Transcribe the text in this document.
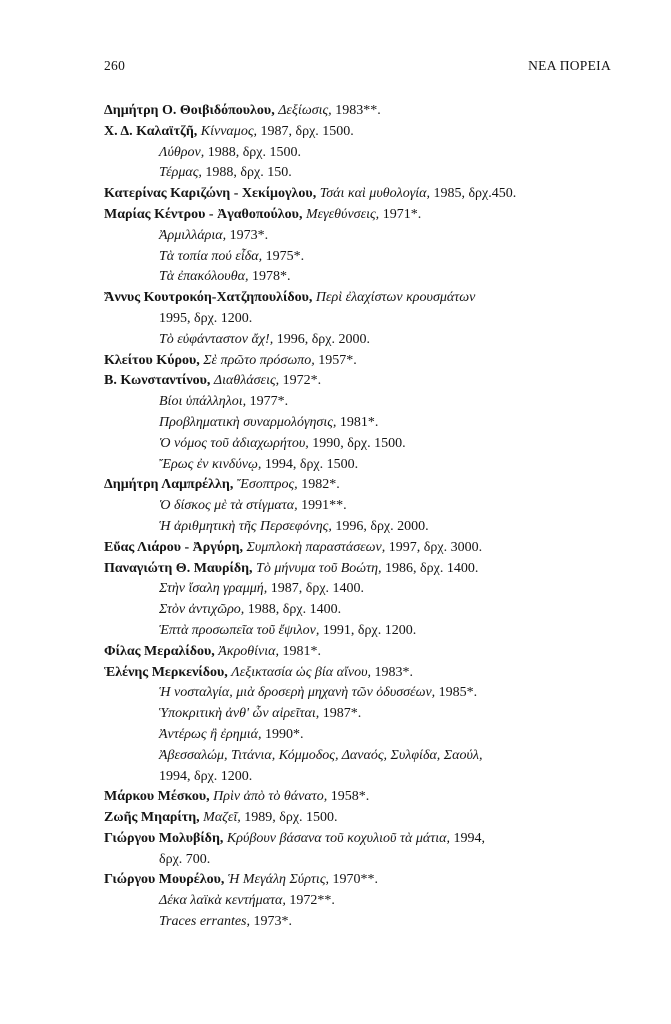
260	ΝΕΑ ΠΟΡΕΙΑ
Δημήτρη Ο. Θοιβιδόπουλου, Δεξίωσις, 1983**.
Χ. Δ. Καλαϊτζῆ, Κίνναμος, 1987, δρχ. 1500.
Λύθρον, 1988, δρχ. 1500.
Τέρμας, 1988, δρχ. 150.
Κατερίνας Καριζώνη - Χεκίμογλου, Τσάι καὶ μυθολογία, 1985, δρχ.450.
Μαρίας Κέντρου - Ἀγαθοπούλου, Μεγεθύνσεις, 1971*.
Ἀρμιλλάρια, 1973*.
Τὰ τοπία πού εἶδα, 1975*.
Τὰ ἐπακόλουθα, 1978*.
Ἄννυς Κουτροκόη-Χατζηπουλίδου, Περὶ ἐλαχίστων κρουσμάτων
1995, δρχ. 1200.
Τὸ εὐφάνταστον ἄχ!, 1996, δρχ. 2000.
Κλείτου Κύρου, Σὲ πρῶτο πρόσωπο, 1957*.
Β. Κωνσταντίνου, Διαθλάσεις, 1972*.
Βίοι ὑπάλληλοι, 1977*.
Προβληματικὴ συναρμολόγησις, 1981*.
Ὁ νόμος τοῦ ἀδιαχωρήτου, 1990, δρχ. 1500.
Ἔρως ἐν κινδύνῳ, 1994, δρχ. 1500.
Δημήτρη Λαμπρέλλη, Ἔσοπτρος, 1982*.
Ὁ δίσκος μὲ τὰ στίγματα, 1991**.
Ἡ ἀριθμητικὴ τῆς Περσεφόνης, 1996, δρχ. 2000.
Εὔας Λιάρου - Ἀργύρη, Συμπλοκὴ παραστάσεων, 1997, δρχ. 3000.
Παναγιώτη Θ. Μαυρίδη, Τὸ μήνυμα τοῦ Βοώτη, 1986, δρχ. 1400.
Στὴν ἴσαλη γραμμή, 1987, δρχ. 1400.
Στὸν ἀντιχῶρο, 1988, δρχ. 1400.
Ἑπτὰ προσωπεῖα τοῦ ἔψιλον, 1991, δρχ. 1200.
Φίλας Μεραλίδου, Ἀκροθίνια, 1981*.
Ἑλένης Μερκενίδου, Λεξικτασία ὡς βία αἴνου, 1983*.
Ἡ νοσταλγία, μιὰ δροσερὴ μηχανὴ τῶν ὀδυσσέων, 1985*.
Ὑποκριτικὴ ἀνθ' ὧν αἱρεῖται, 1987*.
Ἀντέρως ἢ ἐρημιά, 1990*.
Ἀβεσσαλώμ, Τιτάνια, Κόμμοδος, Δαναός, Συλφίδα, Σαούλ,
1994, δρχ. 1200.
Μάρκου Μέσκου, Πρὶν ἀπὸ τὸ θάνατο, 1958*.
Ζωῆς Μηαρίτη, Μαζεῖ, 1989, δρχ. 1500.
Γιώργου Μολυβίδη, Κρύβουν βάσανα τοῦ κοχυλιοῦ τὰ μάτια, 1994,
δρχ. 700.
Γιώργου Μουρέλου, Ἡ Μεγάλη Σύρτις, 1970**.
Δέκα λαϊκὰ κεντήματα, 1972**.
Traces errantes, 1973*.
